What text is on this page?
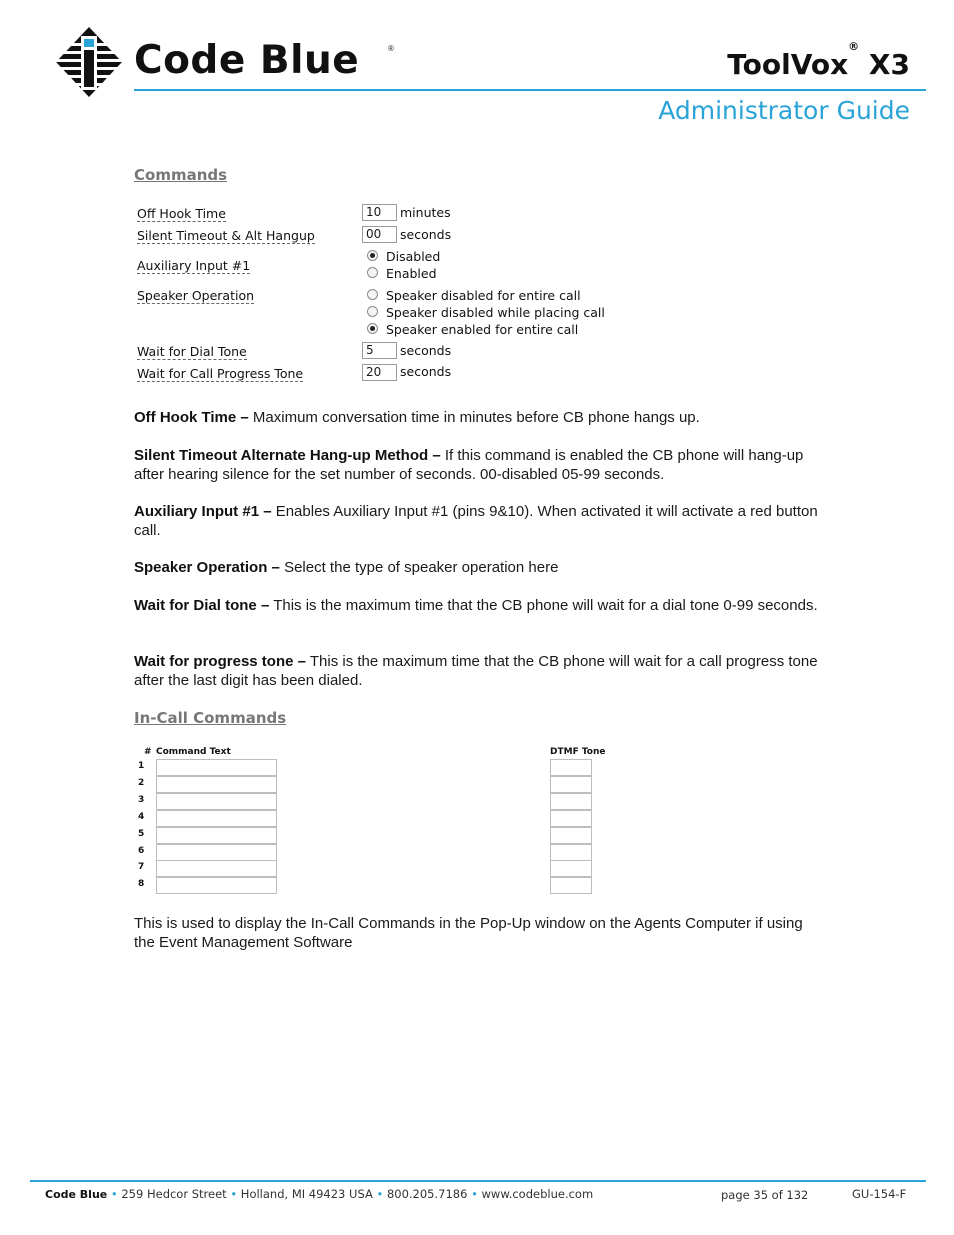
Code Blue	®	ToolVox® X3
Administrator Guide
Commands
Off Hook Time	10	minutes
Silent Timeout & Alt Hangup	00	seconds
Auxiliary Input #1
Disabled
Enabled
Speaker Operation	Speaker disabled for entire call
Speaker disabled while placing call
Speaker enabled for entire call
Wait for Dial Tone	5	seconds
Wait for Call Progress Tone	20	seconds
Off Hook Time – Maximum conversation time in minutes before CB phone hangs up.
Silent Timeout Alternate Hang-up Method – If this command is enabled the CB phone will hang-up after hearing silence for the set number of seconds. 00-disabled 05-99 seconds.
Auxiliary Input #1 – Enables Auxiliary Input #1 (pins 9&10). When activated it will activate a red button call.
Speaker Operation – Select the type of speaker operation here
Wait for Dial tone – This is the maximum time that the CB phone will wait for a dial tone 0-99 seconds.
Wait for progress tone – This is the maximum time that the CB phone will wait for a call progress tone after the last digit has been dialed.
In-Call Commands
# Command Text	DTMF Tone
1
2
3
4
5
6
7
8
This is used to display the In-Call Commands in the Pop-Up window on the Agents Computer if using the Event Management Software
Code Blue • 259 Hedcor Street • Holland, MI 49423 USA • 800.205.7186 • www.codeblue.com	page 35 of 132	GU-154-F
